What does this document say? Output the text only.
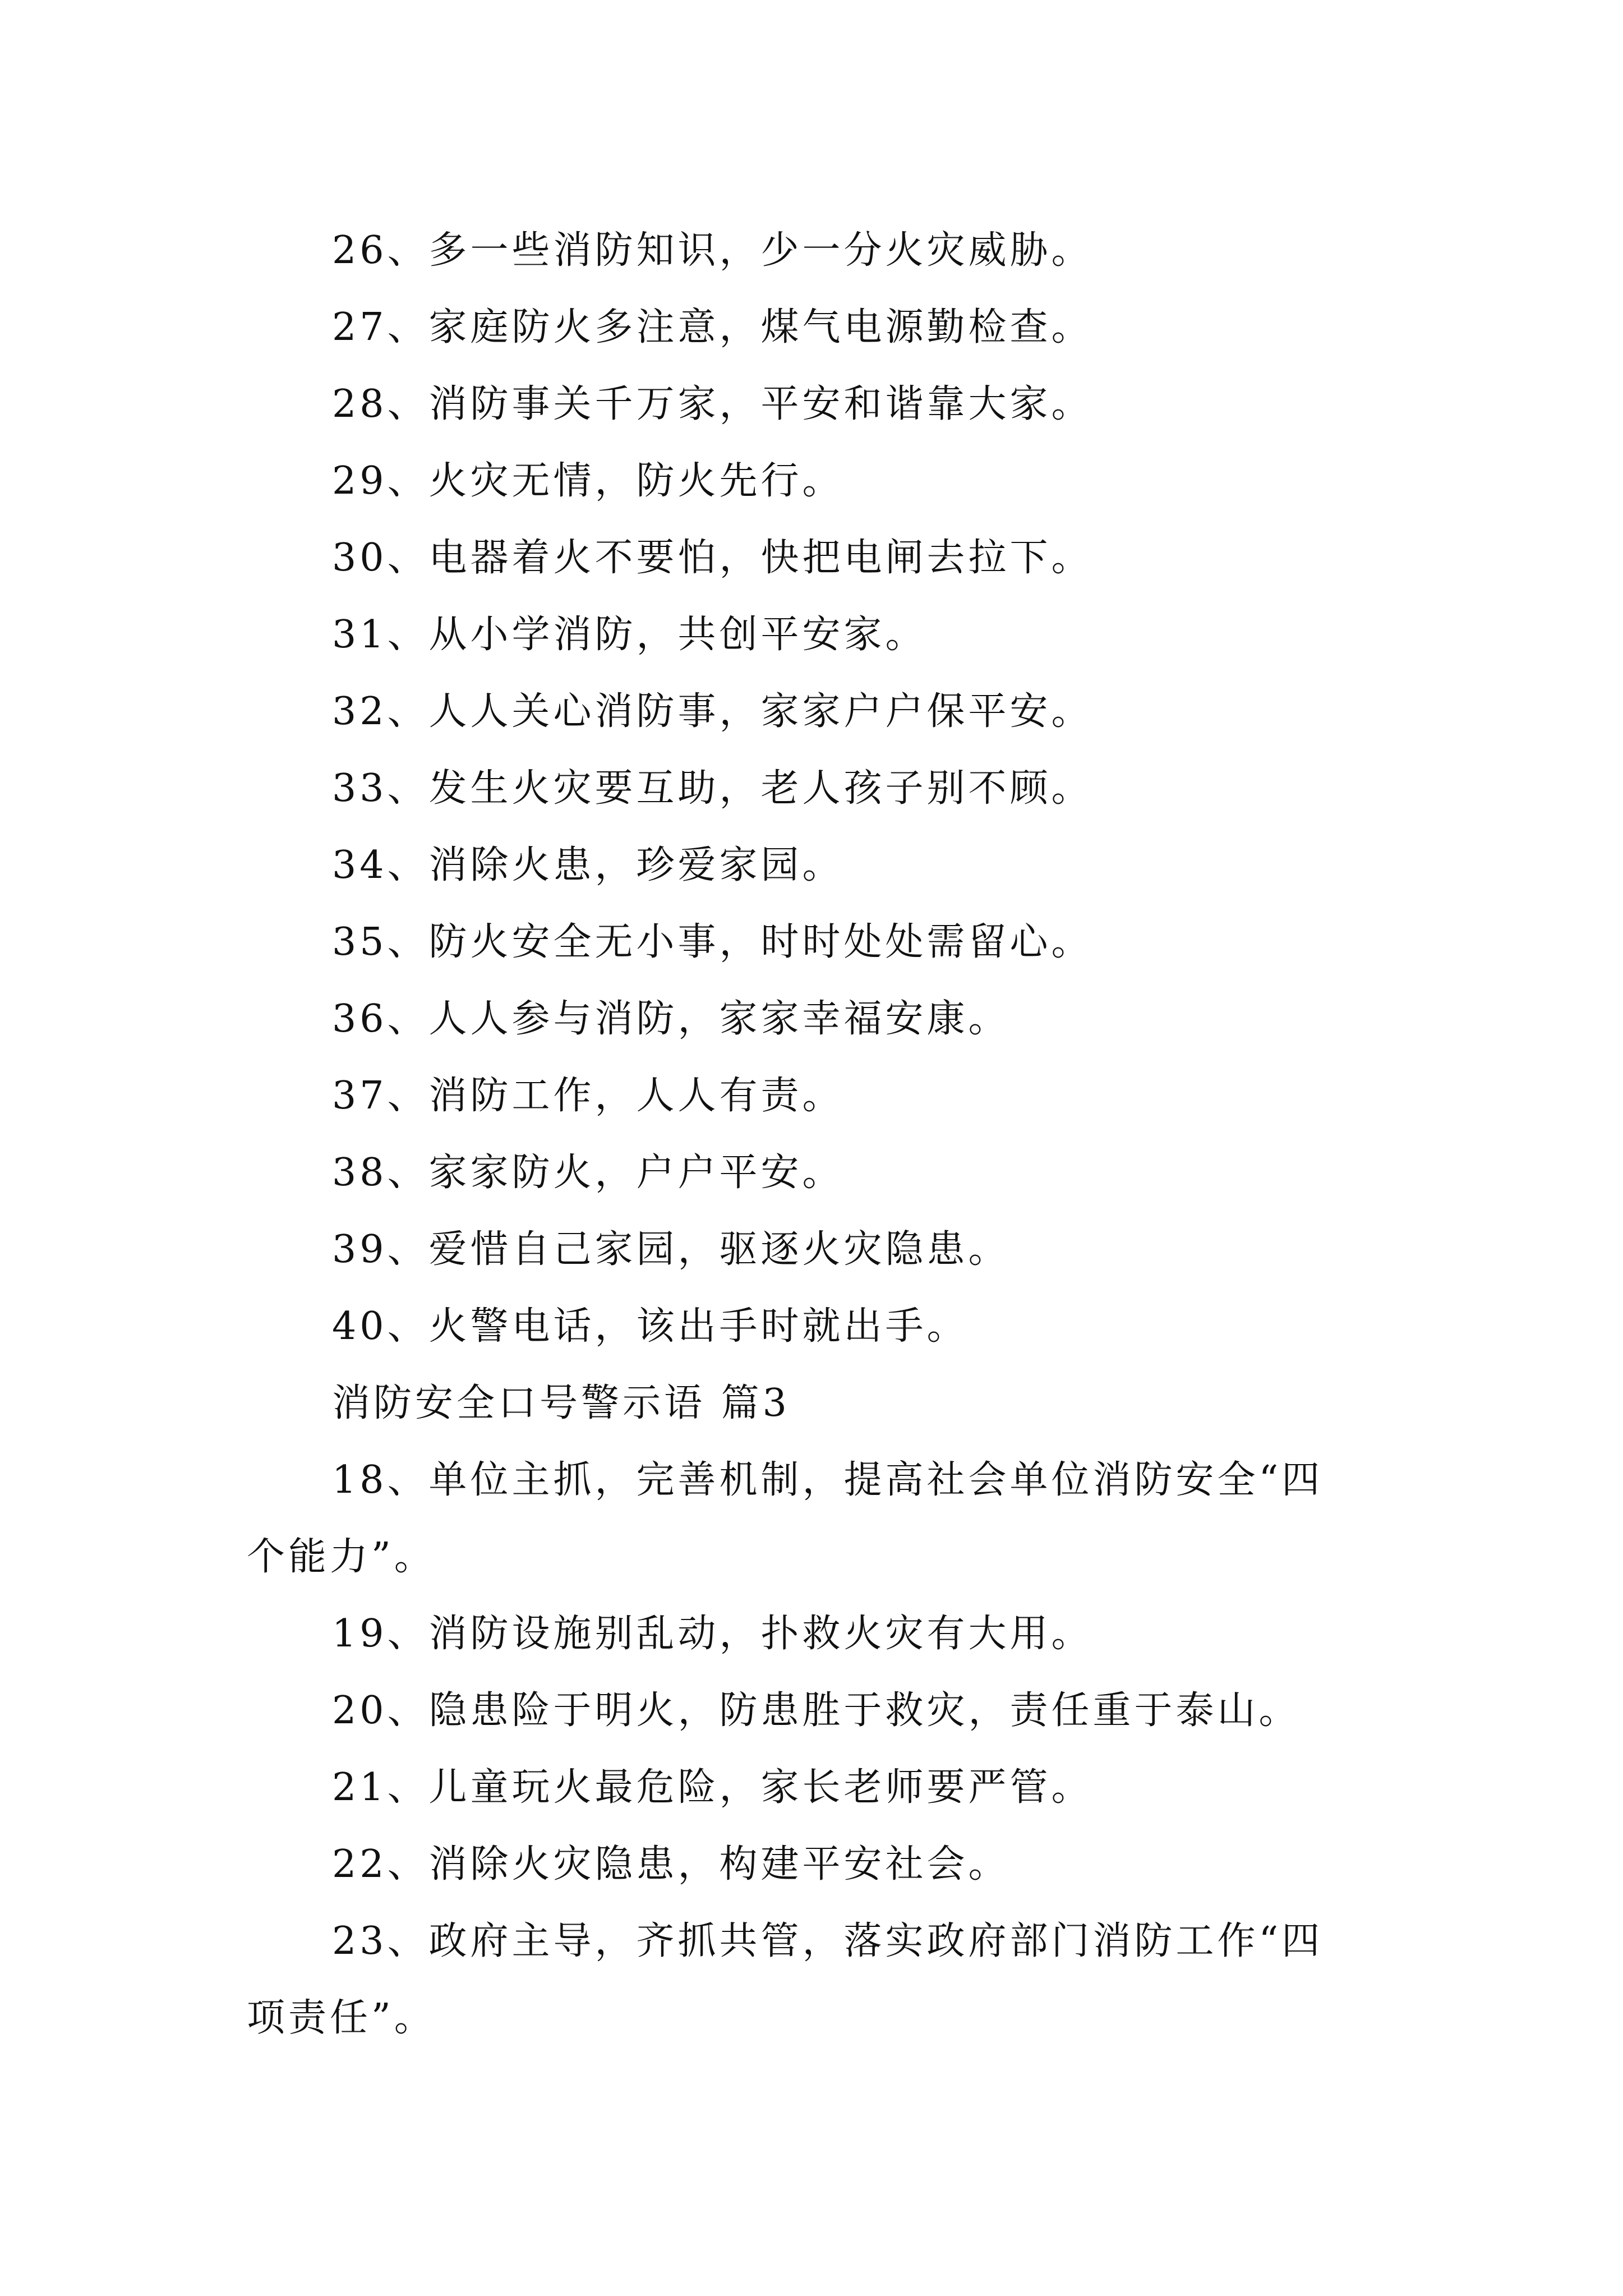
26、多一些消防知识，少一分火灾威胁。

27、家庭防火多注意，煤气电源勤检查。

28、消防事关千万家，平安和谐靠大家。

29、火灾无情，防火先行。

30、电器着火不要怕，快把电闸去拉下。

31、从小学消防，共创平安家。

32、人人关心消防事，家家户户保平安。

33、发生火灾要互助，老人孩子别不顾。

34、消除火患，珍爱家园。

35、防火安全无小事，时时处处需留心。

36、人人参与消防，家家幸福安康。

37、消防工作，人人有责。

38、家家防火，户户平安。

39、爱惜自己家园，驱逐火灾隐患。

40、火警电话，该出手时就出手。

消防安全口号警示语 篇3

18、单位主抓，完善机制，提高社会单位消防安全“四

个能力”。

19、消防设施别乱动，扑救火灾有大用。

20、隐患险于明火，防患胜于救灾，责任重于泰山。

21、儿童玩火最危险，家长老师要严管。

22、消除火灾隐患，构建平安社会。

23、政府主导，齐抓共管，落实政府部门消防工作“四

项责任”。
